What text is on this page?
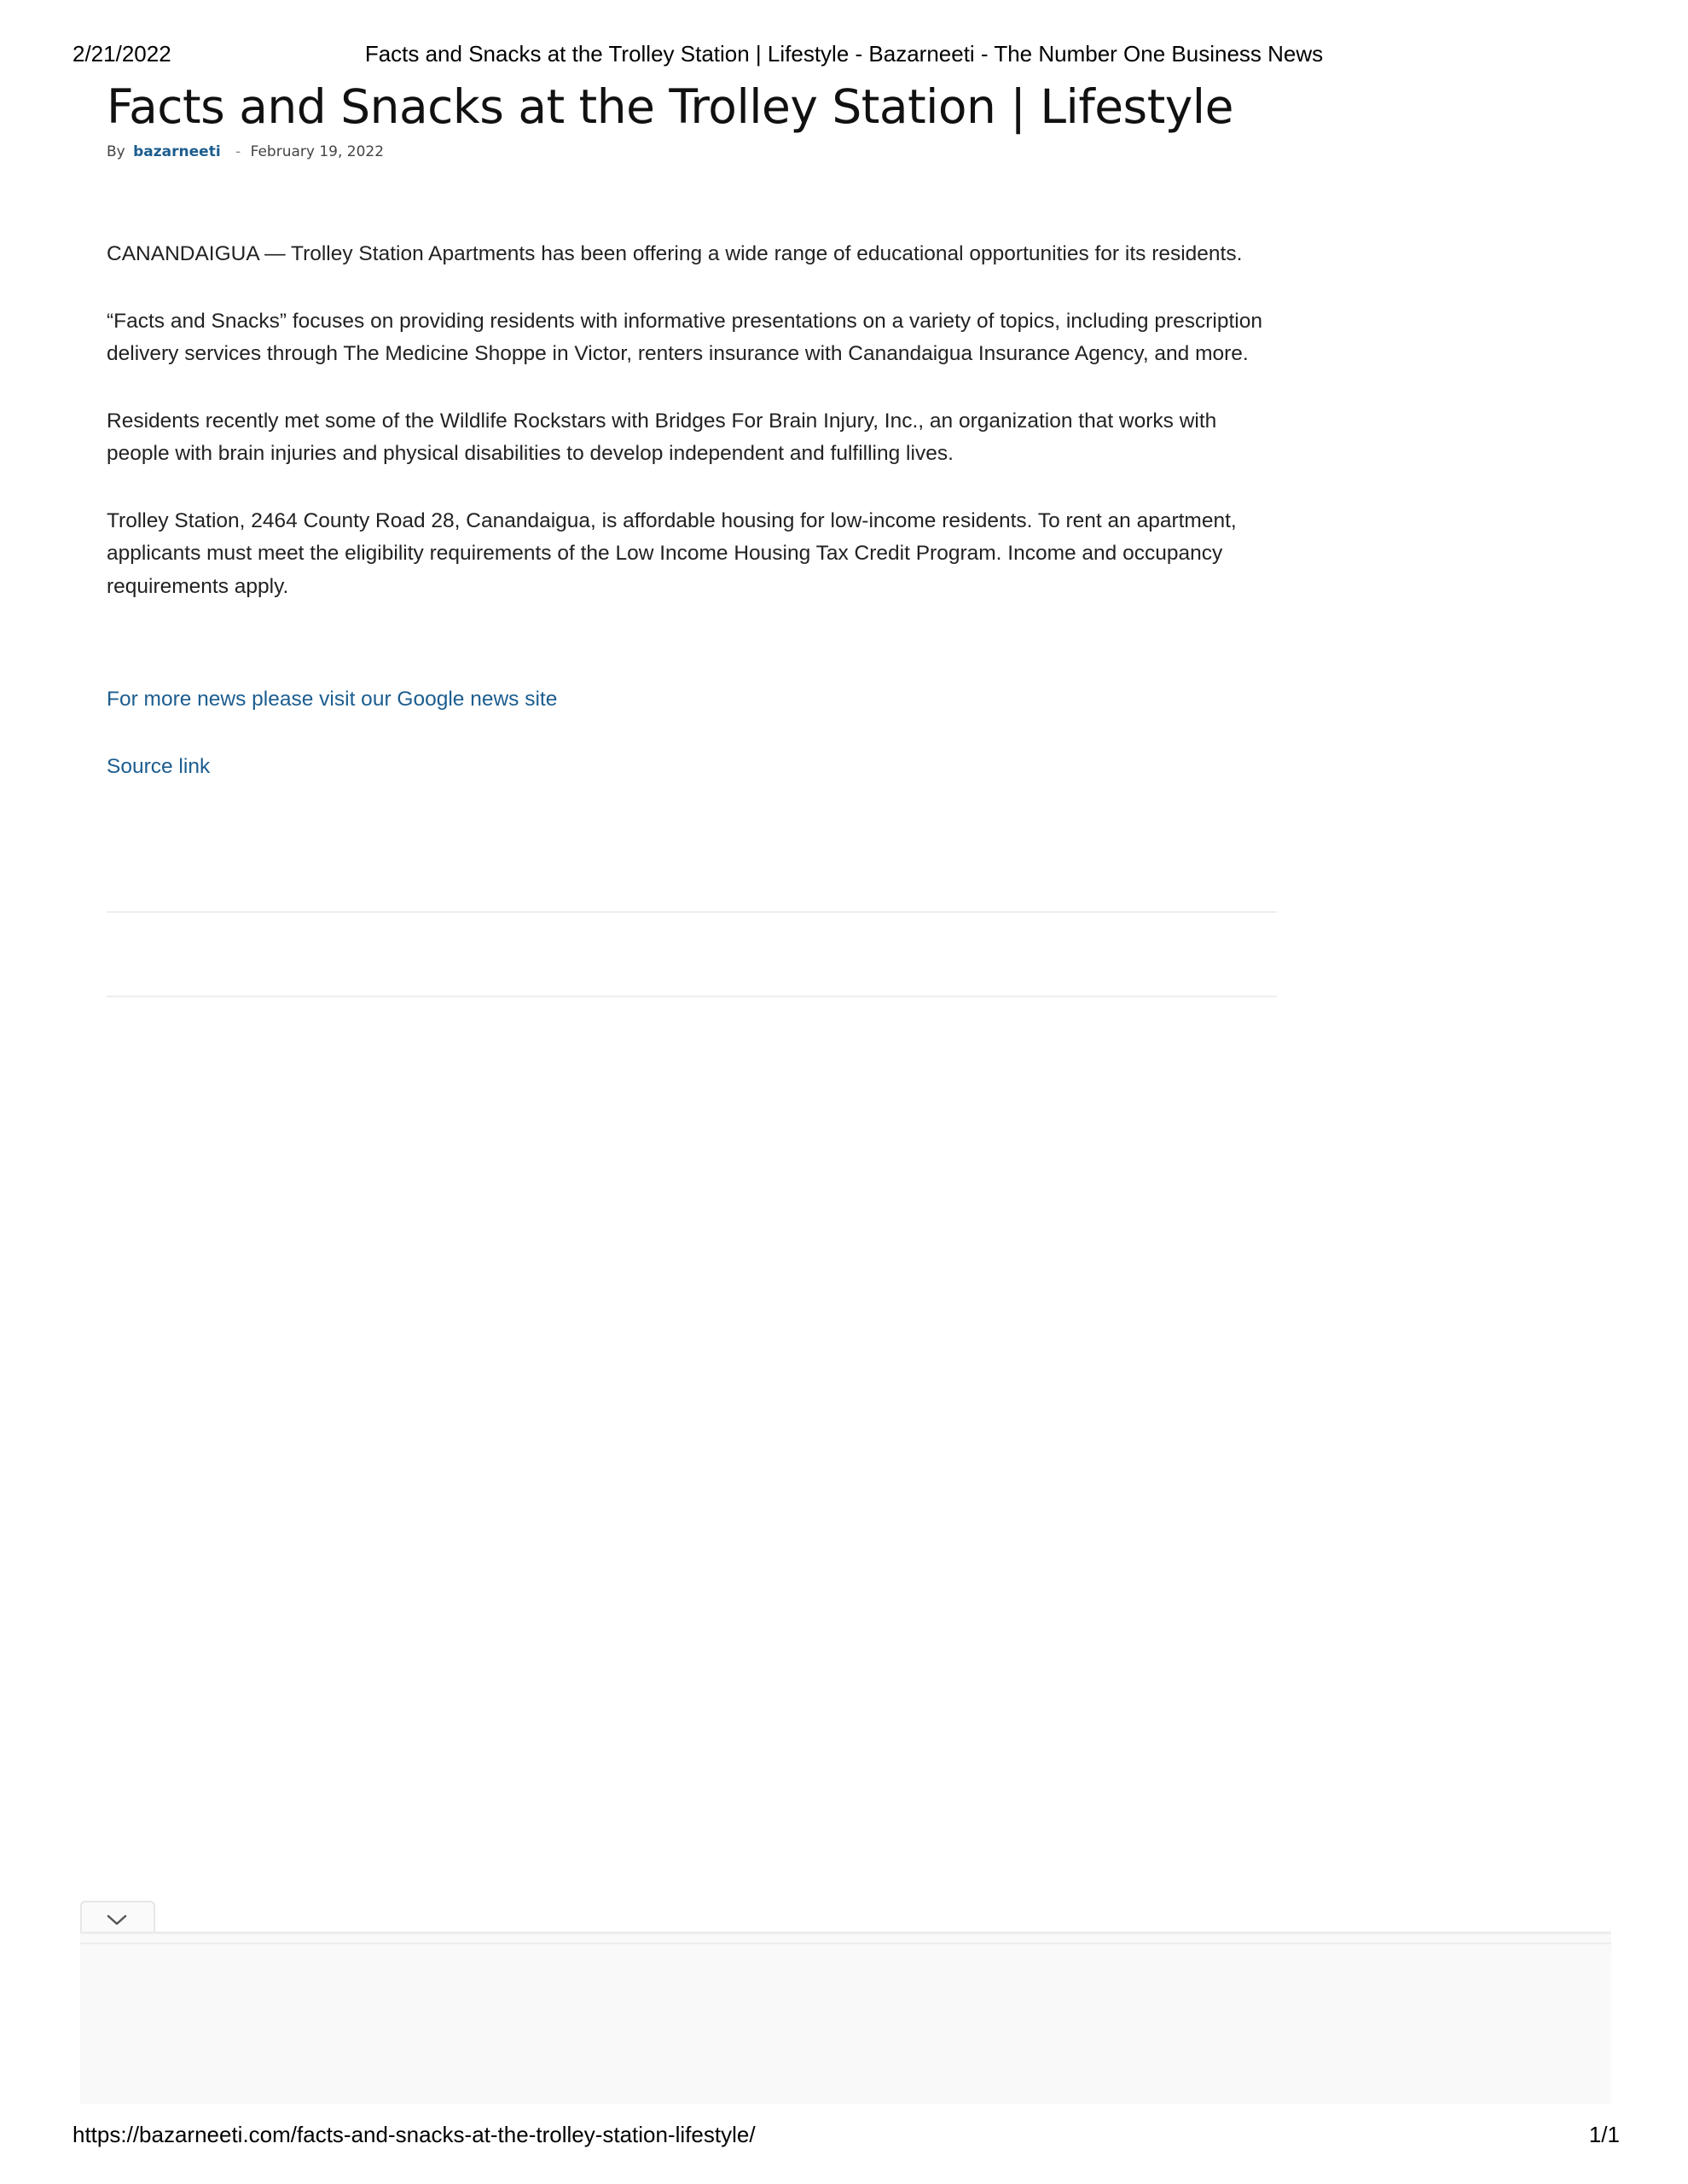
2/21/2022	Facts and Snacks at the Trolley Station | Lifestyle - Bazarneeti - The Number One Business News
Facts and Snacks at the Trolley Station | Lifestyle
By bazarneeti - February 19, 2022

CANANDAIGUA — Trolley Station Apartments has been offering a wide range of educational opportunities for its residents.

“Facts and Snacks” focuses on providing residents with informative presentations on a variety of topics, including prescription delivery services through The Medicine Shoppe in Victor, renters insurance with Canandaigua Insurance Agency, and more.

Residents recently met some of the Wildlife Rockstars with Bridges For Brain Injury, Inc., an organization that works with people with brain injuries and physical disabilities to develop independent and fulfilling lives.

Trolley Station, 2464 County Road 28, Canandaigua, is affordable housing for low-income residents. To rent an apartment, applicants must meet the eligibility requirements of the Low Income Housing Tax Credit Program. Income and occupancy requirements apply.

For more news please visit our Google news site
Source link
https://bazarneeti.com/facts-and-snacks-at-the-trolley-station-lifestyle/	1/1
